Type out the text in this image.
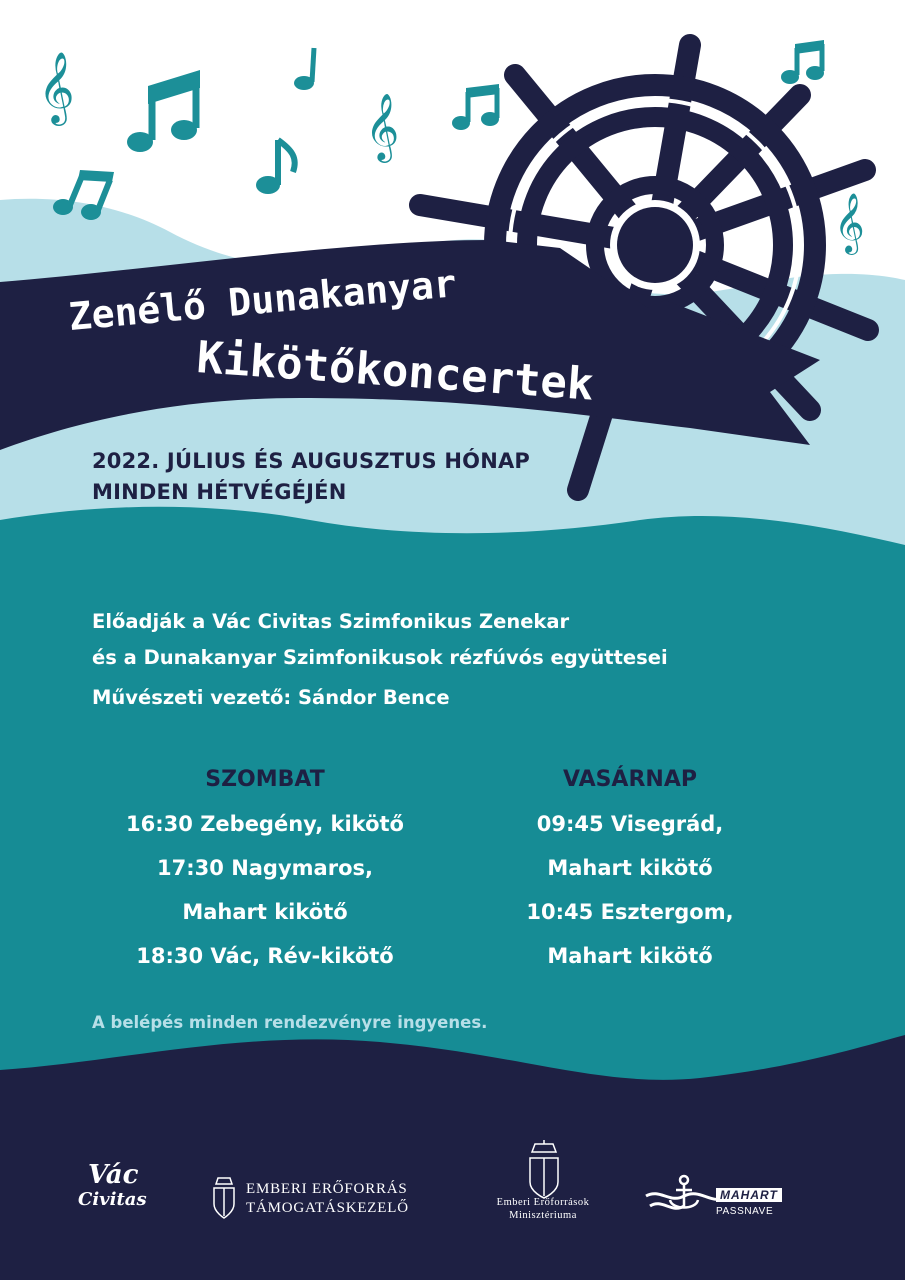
𝄞
𝄞
𝄞
Zenélő Dunakanyar
Kikötőkoncertek
2022. JÚLIUS ÉS AUGUSZTUS HÓNAP
MINDEN HÉTVÉGÉJÉN
Előadják a Vác Civitas Szimfonikus Zenekar
és a Dunakanyar Szimfonikusok rézfúvós együttesei
Művészeti vezető: Sándor Bence
SZOMBAT
16:30 Zebegény, kikötő
17:30 Nagymaros,
Mahart kikötő
18:30 Vác, Rév-kikötő
VASÁRNAP
09:45 Visegrád,
Mahart kikötő
10:45 Esztergom,
Mahart kikötő
A belépés minden rendezvényre ingyenes.
Vác
Civitas	EMBERI ERŐFORRÁS
TÁMOGATÁSKEZELŐ	Emberi Erőforrások
Minisztériuma
MAHART
PASSNAVE
